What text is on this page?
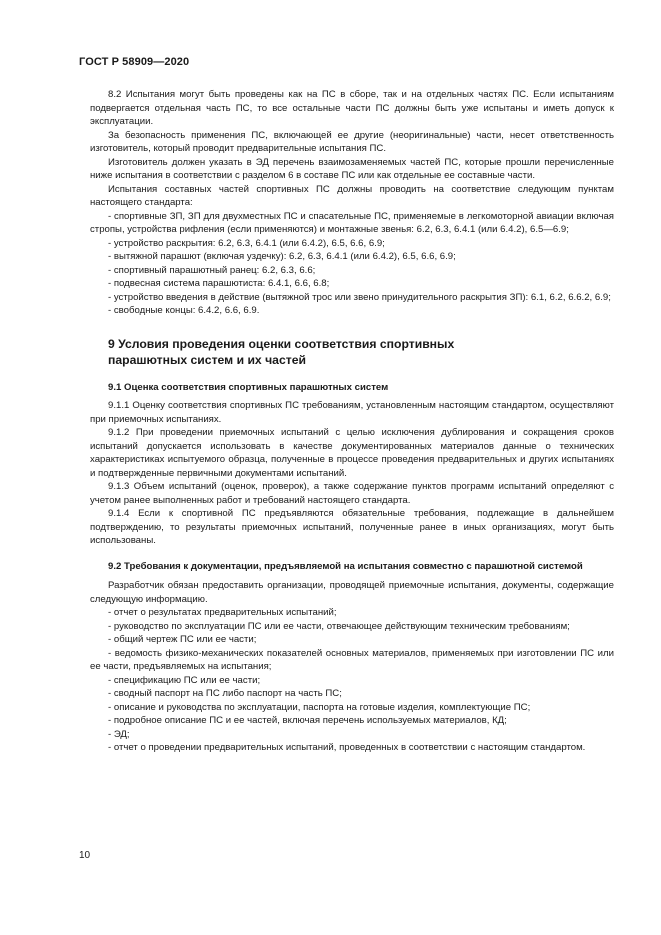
ГОСТ Р 58909—2020

8.2 Испытания могут быть проведены как на ПС в сборе, так и на отдельных частях ПС. Если испытаниям подвергается отдельная часть ПС, то все остальные части ПС должны быть уже испытаны и иметь допуск к эксплуатации.

За безопасность применения ПС, включающей ее другие (неоригинальные) части, несет ответственность изготовитель, который проводит предварительные испытания ПС.

Изготовитель должен указать в ЭД перечень взаимозаменяемых частей ПС, которые прошли перечисленные ниже испытания в соответствии с разделом 6 в составе ПС или как отдельные ее составные части.

Испытания составных частей спортивных ПС должны проводить на соответствие следующим пунктам настоящего стандарта:

- спортивные ЗП, ЗП для двухместных ПС и спасательные ПС, применяемые в легкомоторной авиации включая стропы, устройства рифления (если применяются) и монтажные звенья: 6.2, 6.3, 6.4.1 (или 6.4.2), 6.5—6.9;

- устройство раскрытия: 6.2, 6.3, 6.4.1 (или 6.4.2), 6.5, 6.6, 6.9;

- вытяжной парашют (включая уздечку): 6.2, 6.3, 6.4.1 (или 6.4.2), 6.5, 6.6, 6.9;

- спортивный парашютный ранец: 6.2, 6.3, 6.6;

- подвесная система парашютиста: 6.4.1, 6.6, 6.8;

- устройство введения в действие (вытяжной трос или звено принудительного раскрытия ЗП): 6.1, 6.2, 6.6.2, 6.9;

- свободные концы: 6.4.2, 6.6, 6.9.

9 Условия проведения оценки соответствия спортивных
парашютных систем и их частей

9.1 Оценка соответствия спортивных парашютных систем

9.1.1 Оценку соответствия спортивных ПС требованиям, установленным настоящим стандартом, осуществляют при приемочных испытаниях.

9.1.2 При проведении приемочных испытаний с целью исключения дублирования и сокращения сроков испытаний допускается использовать в качестве документированных материалов данные о технических характеристиках испытуемого образца, полученные в процессе проведения предварительных и других испытаниях и подтвержденные первичными документами испытаний.

9.1.3 Объем испытаний (оценок, проверок), а также содержание пунктов программ испытаний определяют с учетом ранее выполненных работ и требований настоящего стандарта.

9.1.4 Если к спортивной ПС предъявляются обязательные требования, подлежащие в дальнейшем подтверждению, то результаты приемочных испытаний, полученные ранее в иных организациях, могут быть использованы.

9.2 Требования к документации, предъявляемой на испытания совместно с парашютной системой

Разработчик обязан предоставить организации, проводящей приемочные испытания, документы, содержащие следующую информацию.

- отчет о результатах предварительных испытаний;

- руководство по эксплуатации ПС или ее части, отвечающее действующим техническим требованиям;

- общий чертеж ПС или ее части;

- ведомость физико-механических показателей основных материалов, применяемых при изготовлении ПС или ее части, предъявляемых на испытания;

- спецификацию ПС или ее части;

- сводный паспорт на ПС либо паспорт на часть ПС;

- описание и руководства по эксплуатации, паспорта на готовые изделия, комплектующие ПС;

- подробное описание ПС и ее частей, включая перечень используемых материалов, КД;

- ЭД;

- отчет о проведении предварительных испытаний, проведенных в соответствии с настоящим стандартом.

10
